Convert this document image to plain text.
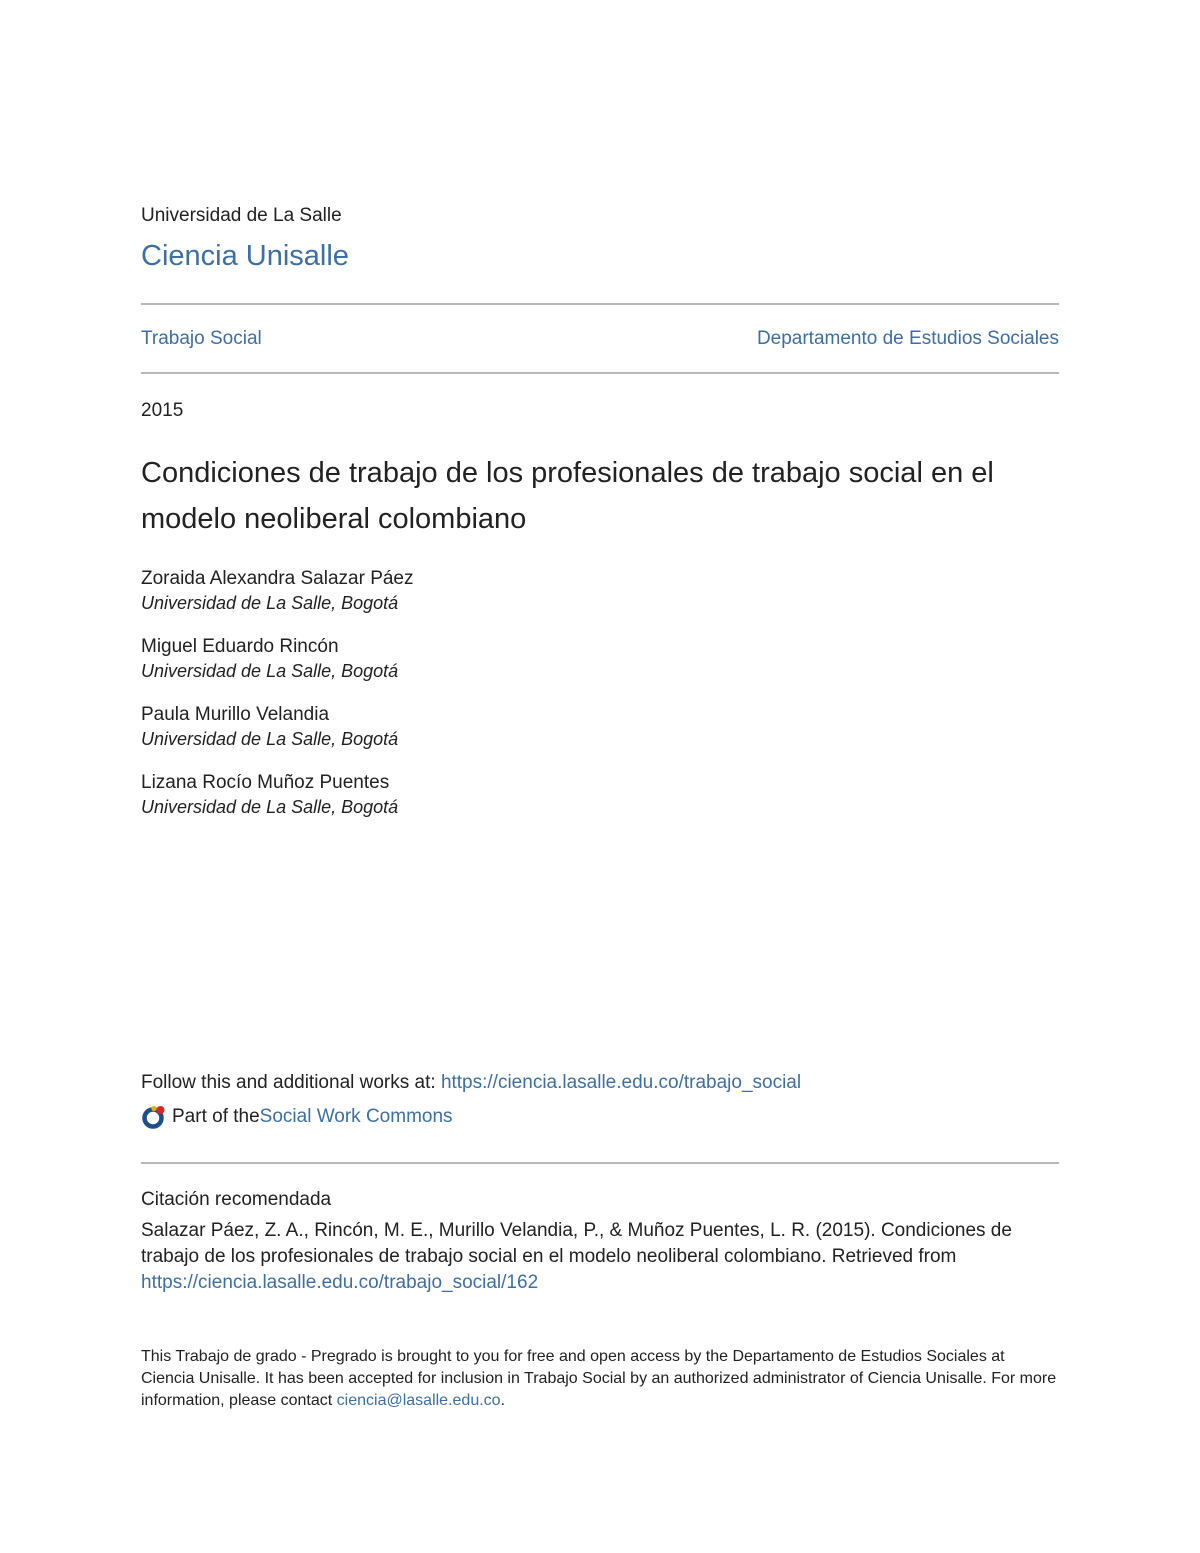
Universidad de La Salle
Ciencia Unisalle
Trabajo Social	Departamento de Estudios Sociales
2015
Condiciones de trabajo de los profesionales de trabajo social en el modelo neoliberal colombiano
Zoraida Alexandra Salazar Páez
Universidad de La Salle, Bogotá
Miguel Eduardo Rincón
Universidad de La Salle, Bogotá
Paula Murillo Velandia
Universidad de La Salle, Bogotá
Lizana Rocío Muñoz Puentes
Universidad de La Salle, Bogotá
Follow this and additional works at: https://ciencia.lasalle.edu.co/trabajo_social
Part of the Social Work Commons
Citación recomendada
Salazar Páez, Z. A., Rincón, M. E., Murillo Velandia, P., & Muñoz Puentes, L. R. (2015). Condiciones de trabajo de los profesionales de trabajo social en el modelo neoliberal colombiano. Retrieved from https://ciencia.lasalle.edu.co/trabajo_social/162
This Trabajo de grado - Pregrado is brought to you for free and open access by the Departamento de Estudios Sociales at Ciencia Unisalle. It has been accepted for inclusion in Trabajo Social by an authorized administrator of Ciencia Unisalle. For more information, please contact ciencia@lasalle.edu.co.
